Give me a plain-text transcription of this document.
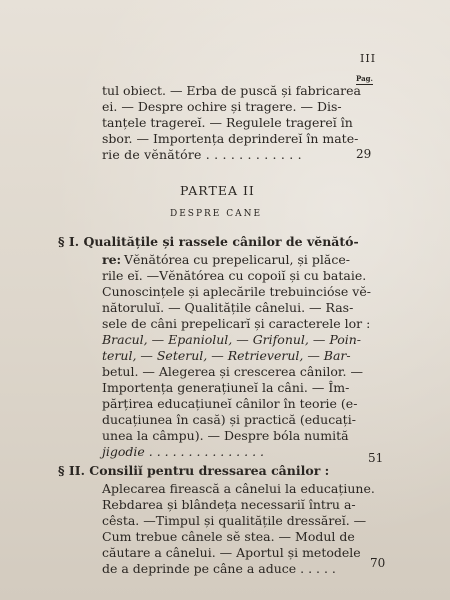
III
Pag.
tul obiect. — Erba de puscă și fabricarea
ei. — Despre ochire și tragere. — Dis-
tanțele tragereĭ. — Regulele tragereĭ în
sbor. — Importența deprindereĭ în mate-
rie de vĕnătóre . . . . . . . . . . . .	29
PARTEA II
DESPRE CANE
§ I. Qualitățile și rassele cânilor de vĕnătó-
re: Vĕnătórea cu prepelicarul, și plăce-
rile eĭ. —Vĕnătórea cu copoiĭ și cu bataie.
Cunoscințele și aplecările trebuinciόse vĕ-
nătoruluĭ. — Qualitățile cânelui. — Ras-
sele de câni prepelicarĭ și caracterele lor :
Bracul, — Epaniolul, — Grifonul, — Poin-
terul, — Seterul, — Retrieverul, — Bar-
betul. — Alegerea și crescerea cânilor. —
Importența generațiuneĭ la câni. — Îm-
părțirea educațiuneĭ cânilor în teorie (e-
ducațiunea în casă) și practică (educați-
unea la câmpu). — Despre bóla numită
jigodie . . . . . . . . . . . . . . .	51
§ II. Consiliĭ pentru dressarea cânilor :
Aplecarea firească a cânelui la educațiune.
Rebdarea și blândeța necessariĭ întru a-
cêsta. —Timpul și qualitățile dressăreĭ. —
Cum trebue cânele sĕ stea. — Modul de
căutare a cânelui. — Aportul și metodele
de a deprinde pe câne a aduce . . . . .	70
